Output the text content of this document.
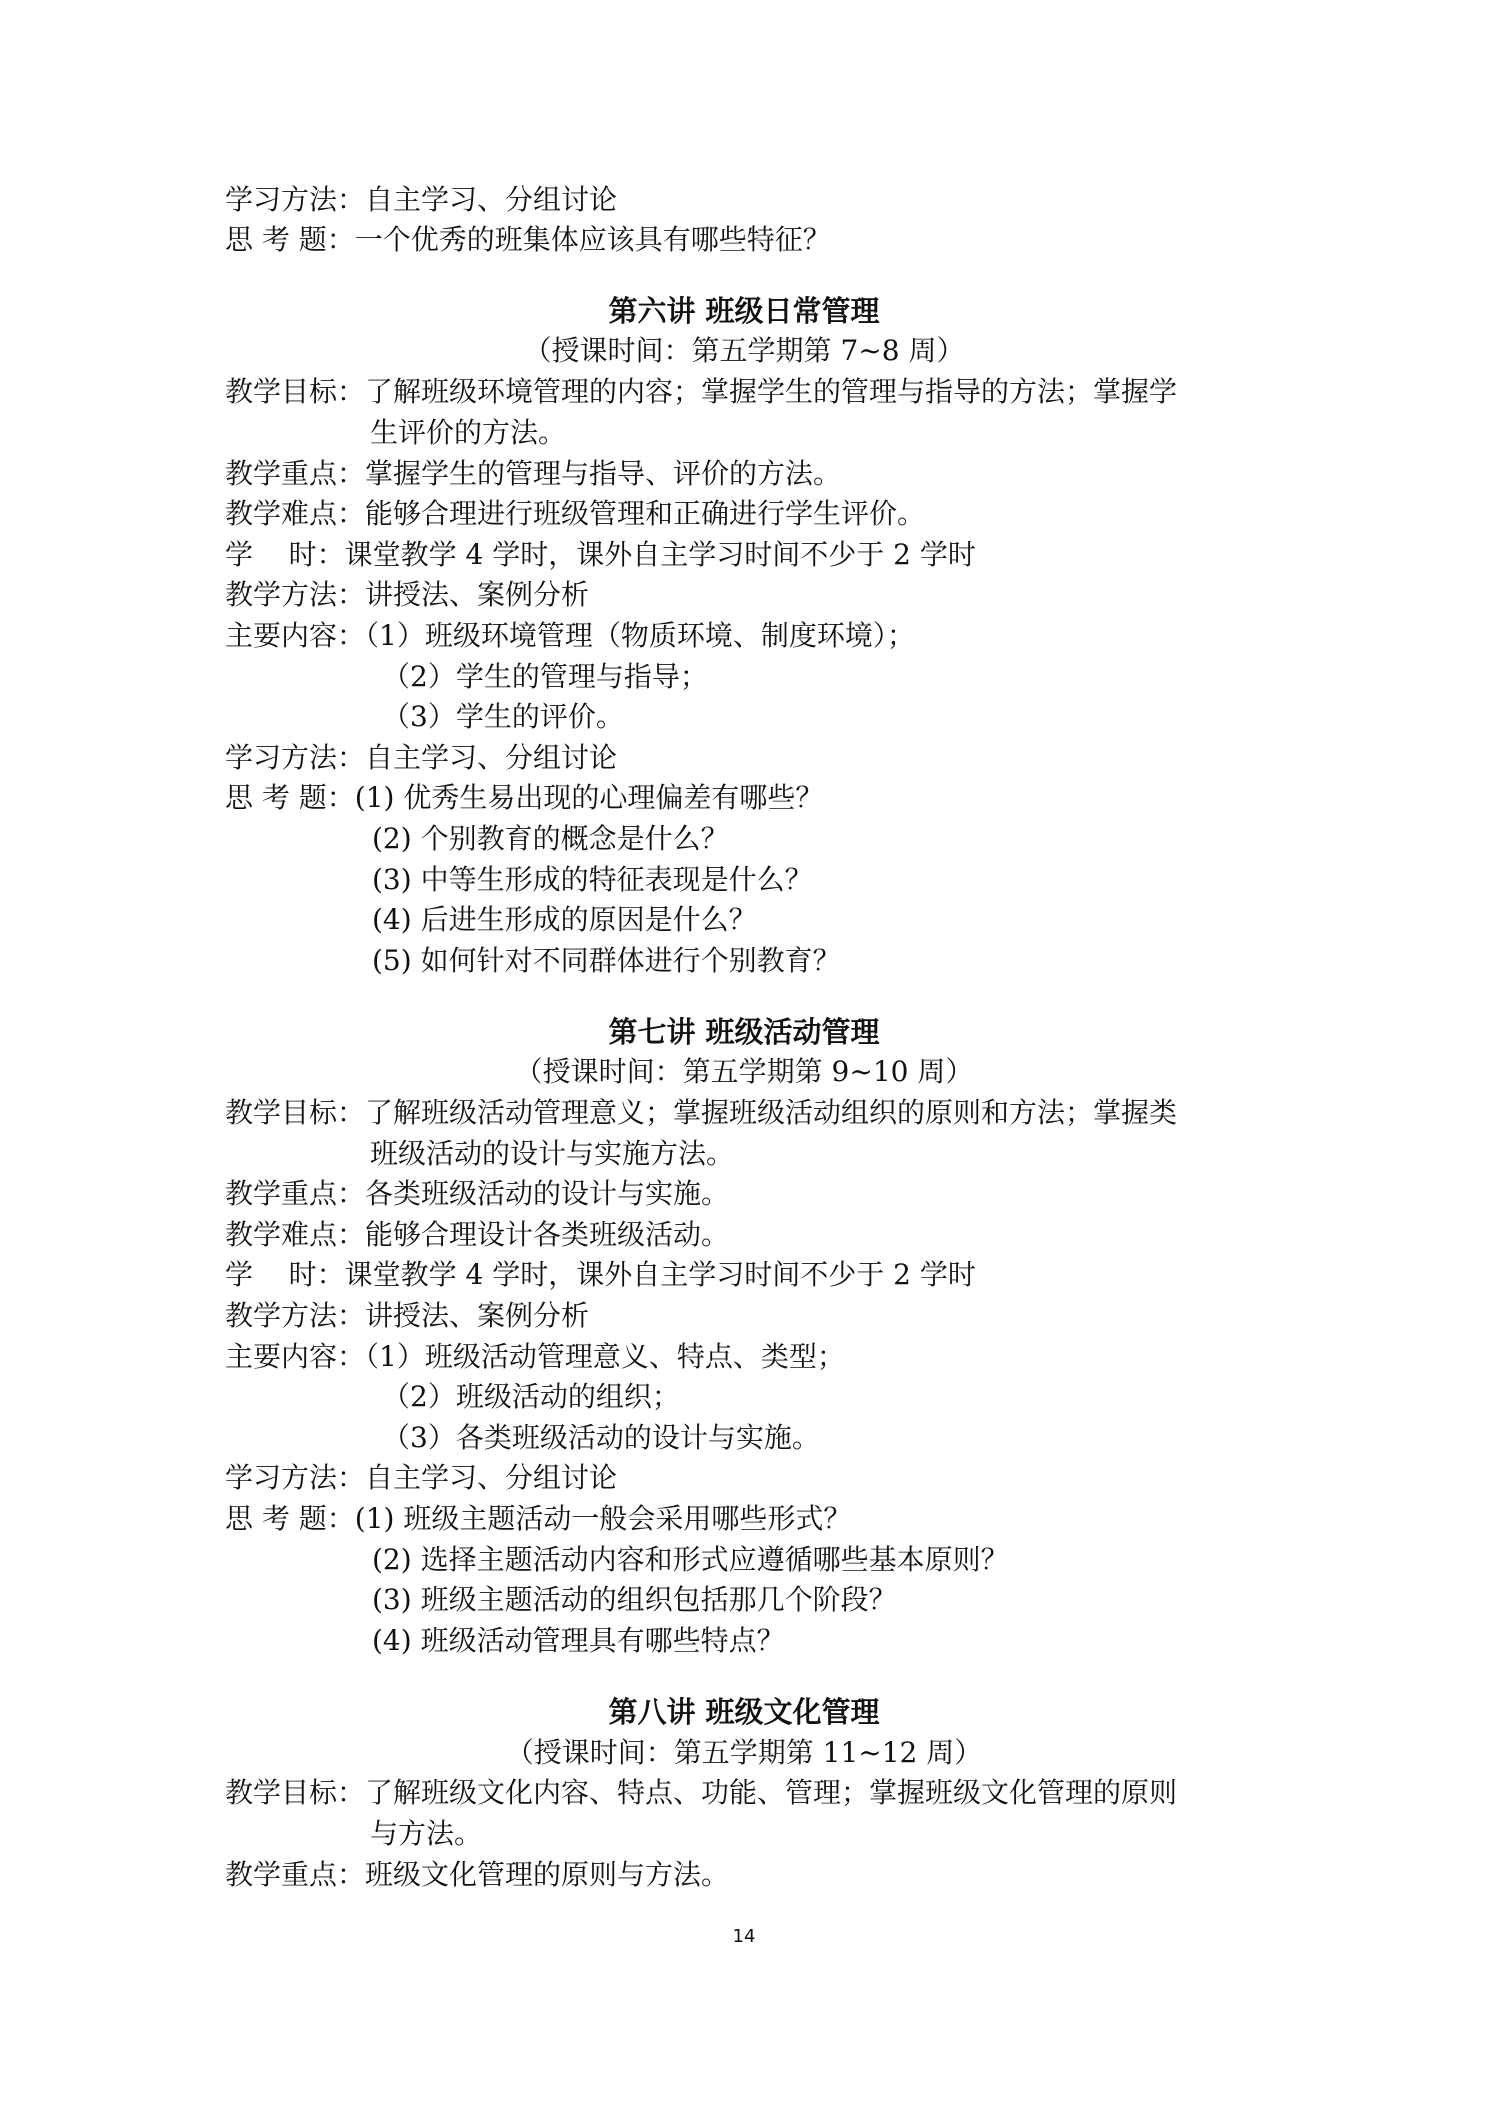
学习方法：自主学习、分组讨论
思 考 题：一个优秀的班集体应该具有哪些特征？
第六讲 班级日常管理
（授课时间：第五学期第 7~8 周）
教学目标：了解班级环境管理的内容；掌握学生的管理与指导的方法；掌握学
生评价的方法。
教学重点：掌握学生的管理与指导、评价的方法。
教学难点：能够合理进行班级管理和正确进行学生评价。
学    时：课堂教学 4 学时，课外自主学习时间不少于 2 学时
教学方法：讲授法、案例分析
主要内容：（1）班级环境管理（物质环境、制度环境）；
（2）学生的管理与指导；
（3）学生的评价。
学习方法：自主学习、分组讨论
思 考 题：(1) 优秀生易出现的心理偏差有哪些？
(2) 个别教育的概念是什么？
(3) 中等生形成的特征表现是什么？
(4) 后进生形成的原因是什么？
(5) 如何针对不同群体进行个别教育？
第七讲 班级活动管理
（授课时间：第五学期第 9~10 周）
教学目标：了解班级活动管理意义；掌握班级活动组织的原则和方法；掌握类
班级活动的设计与实施方法。
教学重点：各类班级活动的设计与实施。
教学难点：能够合理设计各类班级活动。
学    时：课堂教学 4 学时，课外自主学习时间不少于 2 学时
教学方法：讲授法、案例分析
主要内容：（1）班级活动管理意义、特点、类型；
（2）班级活动的组织；
（3）各类班级活动的设计与实施。
学习方法：自主学习、分组讨论
思 考 题：(1) 班级主题活动一般会采用哪些形式？
(2) 选择主题活动内容和形式应遵循哪些基本原则？
(3) 班级主题活动的组织包括那几个阶段？
(4) 班级活动管理具有哪些特点？
第八讲 班级文化管理
（授课时间：第五学期第 11~12 周）
教学目标：了解班级文化内容、特点、功能、管理；掌握班级文化管理的原则
与方法。
教学重点：班级文化管理的原则与方法。
14
